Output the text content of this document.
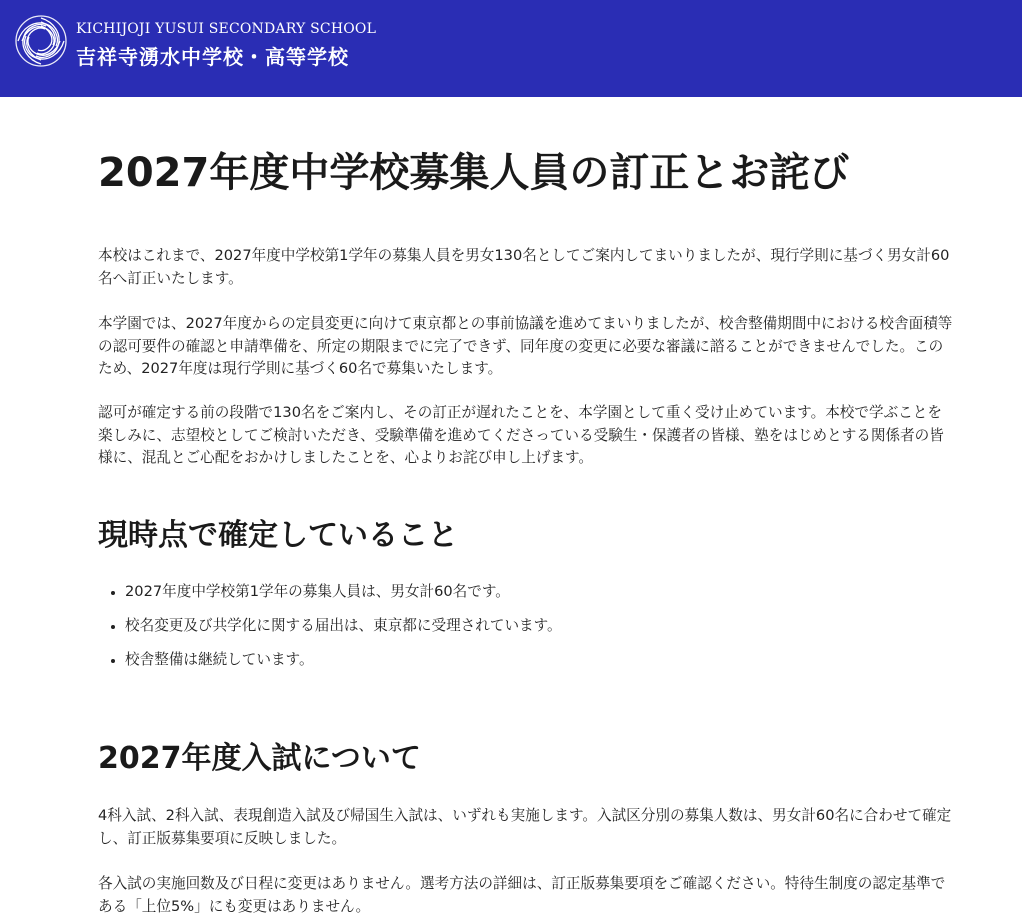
KICHIJOJI YUSUI SECONDARY SCHOOL
吉祥寺湧水中学校・高等学校
2027年度中学校募集人員の訂正とお詫び

本校はこれまで、2027年度中学校第1学年の募集人員を男女130名としてご案内してまいりましたが、現行学則に基づく男女計60名へ訂正いたします。

本学園では、2027年度からの定員変更に向けて東京都との事前協議を進めてまいりましたが、校舎整備期間中における校舎面積等の認可要件の確認と申請準備を、所定の期限までに完了できず、同年度の変更に必要な審議に諮ることができませんでした。このため、2027年度は現行学則に基づく60名で募集いたします。

認可が確定する前の段階で130名をご案内し、その訂正が遅れたことを、本学園として重く受け止めています。本校で学ぶことを楽しみに、志望校としてご検討いただき、受験準備を進めてくださっている受験生・保護者の皆様、塾をはじめとする関係者の皆様に、混乱とご心配をおかけしましたことを、心よりお詫び申し上げます。

現時点で確定していること
• 2027年度中学校第1学年の募集人員は、男女計60名です。
• 校名変更及び共学化に関する届出は、東京都に受理されています。
• 校舎整備は継続しています。
2027年度入試について

4科入試、2科入試、表現創造入試及び帰国生入試は、いずれも実施します。入試区分別の募集人数は、男女計60名に合わせて確定し、訂正版募集要項に反映しました。

各入試の実施回数及び日程に変更はありません。選考方法の詳細は、訂正版募集要項をご確認ください。特待生制度の認定基準である「上位5%」にも変更はありません。
